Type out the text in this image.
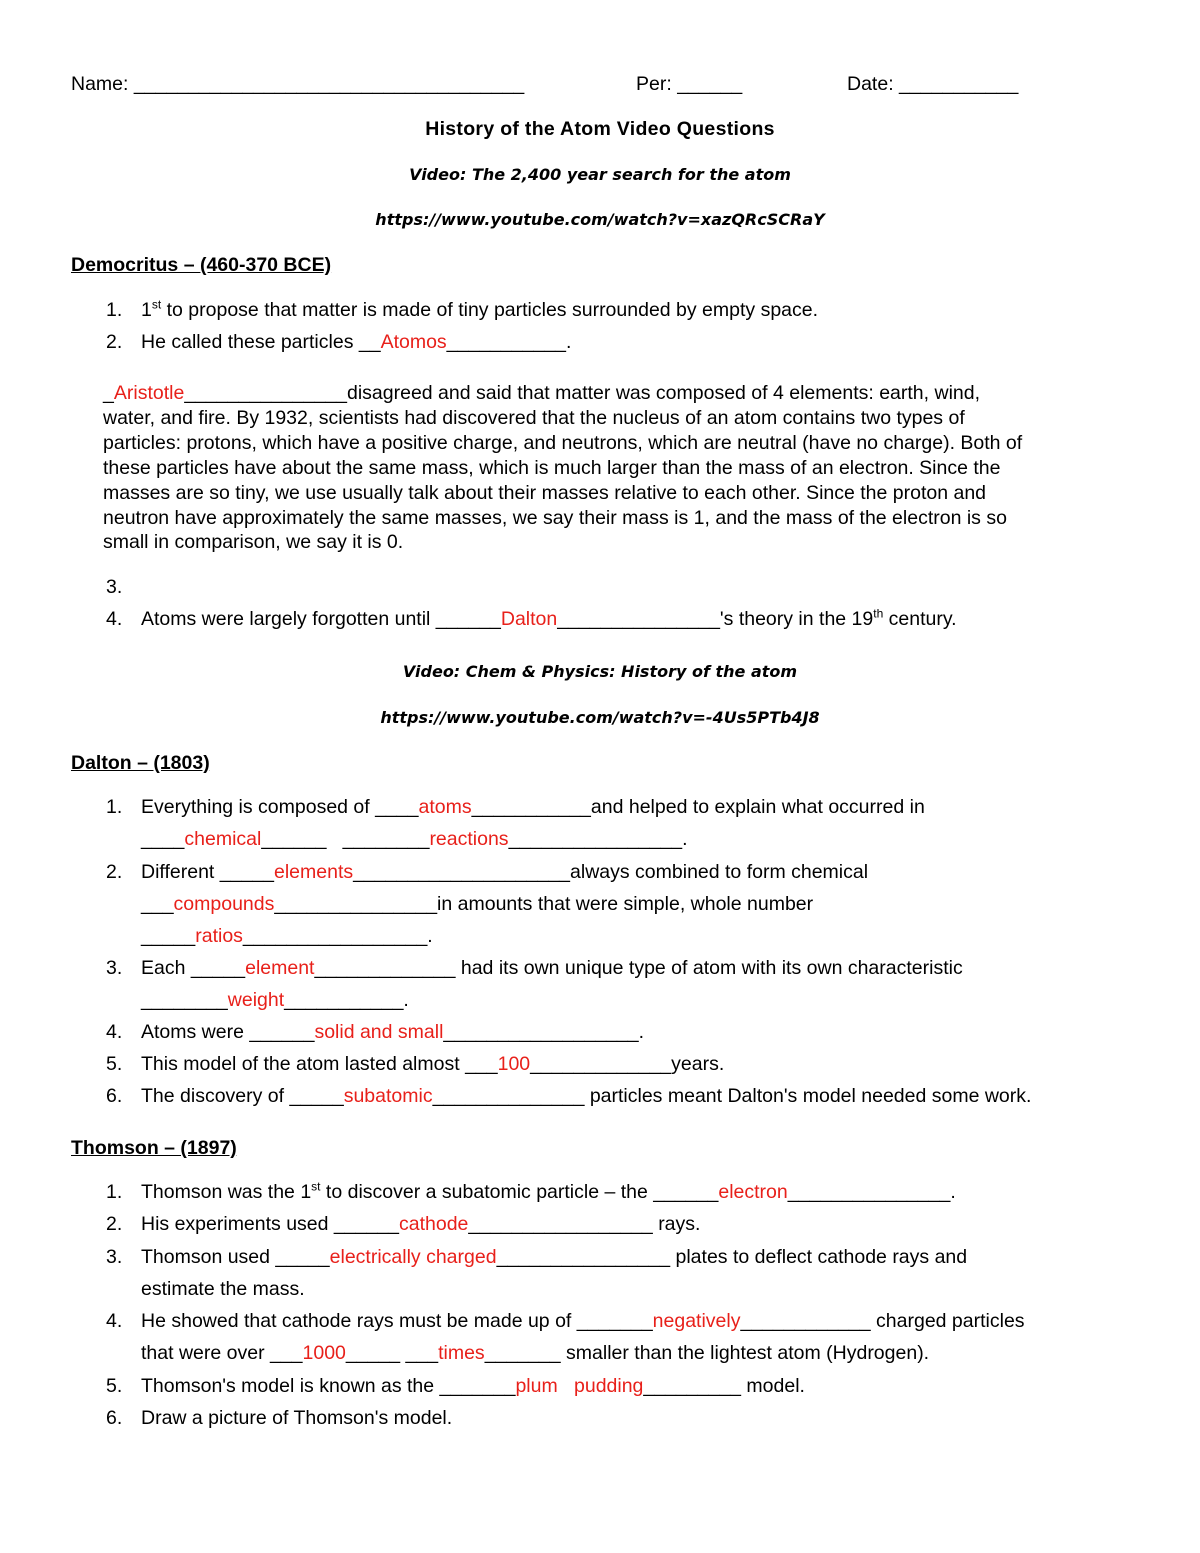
Name: ____________________________________	Per: ______	Date: ___________
History of the Atom Video Questions
Video: The 2,400 year search for the atom
https://www.youtube.com/watch?v=xazQRcSCRaY
Democritus – (460-370 BCE)
1. 1st to propose that matter is made of tiny particles surrounded by empty space.
2. He called these particles __Atomos___________.
_Aristotle_______________disagreed and said that matter was composed of 4 elements: earth, wind,
water, and fire. By 1932, scientists had discovered that the nucleus of an atom contains two types of
particles: protons, which have a positive charge, and neutrons, which are neutral (have no charge). Both of
these particles have about the same mass, which is much larger than the mass of an electron. Since the
masses are so tiny, we use usually talk about their masses relative to each other. Since the proton and
neutron have approximately the same masses, we say their mass is 1, and the mass of the electron is so
small in comparison, we say it is 0.
3.
4. Atoms were largely forgotten until ______Dalton_______________'s theory in the 19th century.
Video: Chem & Physics: History of the atom
https://www.youtube.com/watch?v=-4Us5PTb4J8
Dalton – (1803)
1. Everything is composed of ____atoms___________and helped to explain what occurred in
____chemical______   ________reactions________________.
2. Different _____elements____________________always combined to form chemical
___compounds_______________in amounts that were simple, whole number
_____ratios_________________.
3. Each _____element_____________ had its own unique type of atom with its own characteristic
________weight___________.
4. Atoms were ______solid and small__________________.
5. This model of the atom lasted almost ___100_____________years.
6. The discovery of _____subatomic______________ particles meant Dalton's model needed some work.
Thomson – (1897)
1. Thomson was the 1st to discover a subatomic particle – the ______electron_______________.
2. His experiments used ______cathode_________________ rays.
3. Thomson used _____electrically charged________________ plates to deflect cathode rays and
estimate the mass.
4. He showed that cathode rays must be made up of _______negatively____________ charged particles
that were over ___1000_____ ___times_______ smaller than the lightest atom (Hydrogen).
5. Thomson's model is known as the _______plum pudding_________ model.
6. Draw a picture of Thomson's model.
